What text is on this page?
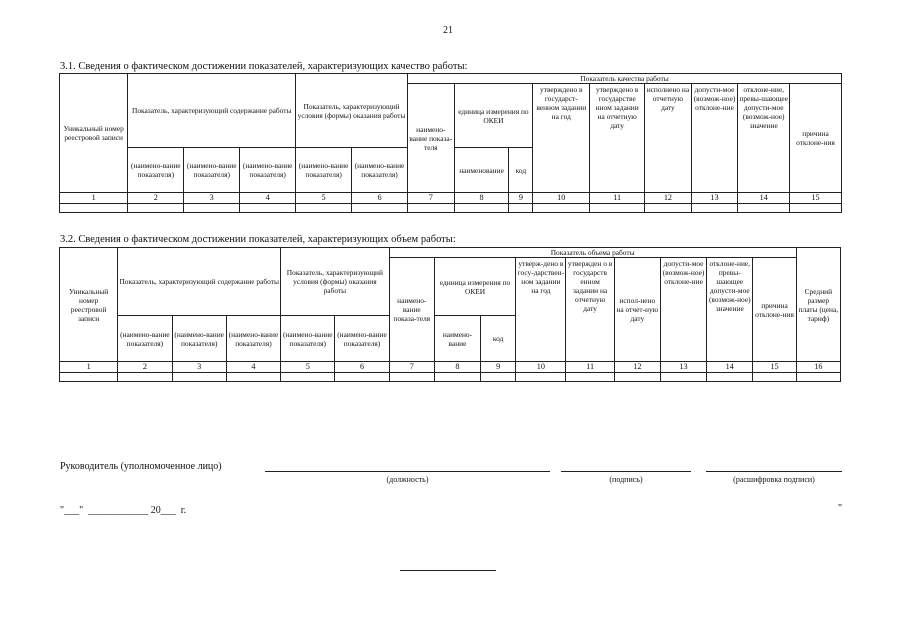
21
3.1. Сведения о фактическом достижении показателей, характеризующих качество работы:
Уникальный номер реестровой записи	Показатель, характеризующий содержание работы			Показатель, характеризующий условия (формы) оказания работы		Показатель качества работы								
						наимено-вание показа-теля	единица измерения по ОКЕИ		утверждено в государст-венном задании на год	утверждено в государстве нном задании на отчетную дату	исполнено на отчетную дату	допусти-мое (возмож-ное) отклоне-ние	отклоне-ние, превы-шающее допусти-мое (возмож-ное) значение	причина отклоне-ния
	(наимено-вание показателя)	(наимено-вание показателя)	(наимено-вание показателя)	(наимено-вание показателя)	(наимено-вание показателя)		наименование	код						
1	2	3	4	5	6	7	8	9	10	11	12	13	14	15

3.2. Сведения о фактическом достижении показателей, характеризующих объем работы:
Уникальный номер реестровой записи	Показатель, характеризующий содержание работы			Показатель, характеризующий условия (формы) оказания работы		Показатель объема работы									Средний размер платы (цена, тариф)
						наимено-вание показа-теля	единица измерения по ОКЕИ		утверж-дено в госу-дарствен-ном задании на год	утвержден о в государств енном задании на отчетную дату	испол-нено на отчет-ную дату	допусти-мое (возмож-ное) отклоне-ние	отклоне-ние, превы-шающее допусти-мое (возмож-ное) значение	причина отклоне-ния	
	(наимено-вание показателя)	(наимено-вание показателя)	(наимено-вание показателя)	(наимено-вание показателя)	(наимено-вание показателя)		наимено-вание	код							
1	2	3	4	5	6	7	8	9	10	11	12	13	14	15	16

Руководитель (уполномоченное лицо)
(должность)	(подпись)	(расшифровка подписи)
"___" ____________ 20___ г.	"
